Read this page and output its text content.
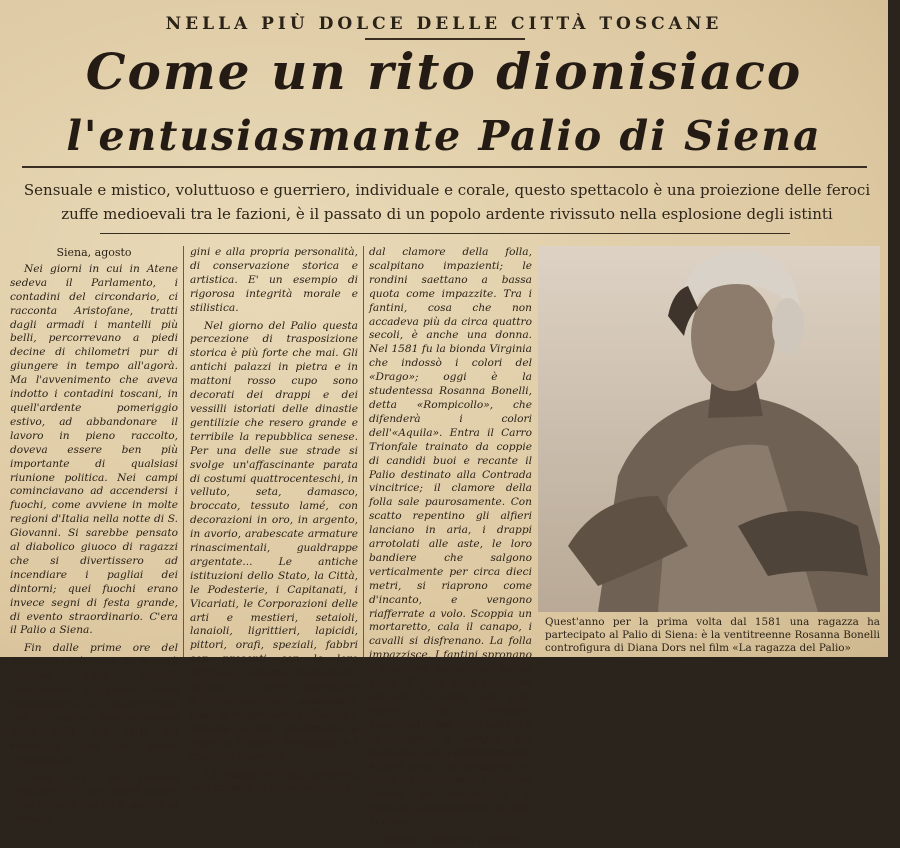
NELLA PIÙ DOLCE DELLE CITTÀ TOSCANE
Come un rito dionisiaco
l'entusiasmante Palio di Siena
Sensuale e mistico, voluttuoso e guerriero, individuale e corale, questo spettacolo è una proiezione delle feroci zuffe medioevali tra le fazioni, è il passato di un popolo ardente rivissuto nella esplosione degli istinti
Siena, agosto

Nei giorni in cui in Atene sedeva il Parlamento, i contadini del circondario, ci racconta Aristofane, tratti dagli armadi i mantelli più belli, percorrevano a piedi decine di chilometri pur di giungere in tempo all'agorà. Ma l'avvenimento che aveva indotto i contadini toscani, in quell'ardente pomeriggio estivo, ad abbandonare il lavoro in pieno raccolto, doveva essere ben più importante di qualsiasi riunione politica. Nei campi cominciavano ad accendersi i fuochi, come avviene in molte regioni d'Italia nella notte di S. Giovanni. Si sarebbe pensato al diabolico giuoco di ragazzi che si divertissero ad incendiare i pagliai dei dintorni; quei fuochi erano invece segni di festa grande, di evento straordinario. C'era il Palio a Siena.

Fin dalle prime ore del mattino la più dolce fra le città toscane s'era andata riempiendo di gente. Dopo mezzogiorno le autocorriere che le piazze straboccavano della folla più varia ed eteroclita che si possa immaginare.

Siena ha un fascino singolare. E' una delle poche città d'Italia che ha il potere di retroda-

gini e alla propria personalità, di conservazione storica e artistica. E' un esempio di rigorosa integrità morale e stilistica.

Nel giorno del Palio questa percezione di trasposizione storica è più forte che mai. Gli antichi palazzi in pietra e in mattoni rosso cupo sono decorati dei drappi e dei vessilli istoriati delle dinastie gentilizie che resero grande e terribile la repubblica senese. Per una delle sue strade si svolge un'affascinante parata di costumi quattrocenteschi, in velluto, seta, damasco, broccato, tessuto lamé, con decorazioni in oro, in argento, in avorio, arabescate armature rinascimentali, gualdrappe argentate... Le antiche istituzioni dello Stato, la Città, le Podesterie, i Capitanati, i Vicariati, le Corporazioni delle arti e mestieri, setaioli, lanaioli, ligrittieri, lapicidi, pittori, orafi, speziali, fabbri son presenti con le loro raffinate insegne multicolori. Sforzo di colori, splendore d'immaginazione, sontuosità, fasto e magnificenza. Duccio e Simone tendono idealmente la mano a Tiziano, Velasquez e i coloristi orientali.

La piazza del Palio presenta una cornice di fiammeggiante

dal clamore della folla, scalpitano impazienti; le rondini saettano a bassa quota come impazzite. Tra i fantini, cosa che non accadeva più da circa quattro secoli, è anche una donna. Nel 1581 fu la bionda Virginia che indossò i colori del «Drago»; oggi è la studentessa Rosanna Bonelli, detta «Rompicollo», che difenderà i colori dell'«Aquila». Entra il Carro Trionfale trainato da coppie di candidi buoi e recante il Palio destinato alla Contrada vincitrice; il clamore della folla sale paurosamente. Con scatto repentino gli alfieri lanciano in aria, i drappi arrotolati alle aste, le loro bandiere che salgono verticalmente per circa dieci metri, si riaprono come d'incanto, e vengono riafferrate a volo. Scoppia un mortaretto, cala il canapo, i cavalli si disfrenano. La folla impazzisce. I fantini spronano i destrieri colpendoli senza pietà. E' una lotta all'ultimo sangue. Si tenta con ogni mezzo di stringere l'avversario per farlo cadere o di colpirlo a sangue per metterlo fuori combattimento. Alcuni cavalli stramazzano al suolo proiettando i fantini contro gli steccati e si rialzano proseguendo da soli la corsa.

Anche la ragazza è caduta.

Quest'anno per la prima volta dal 1581 una ragazza ha partecipato al Palio di Siena: è la ventitreenne Rosanna Bonelli controfigura di Diana Dors nel film «La ragazza del Palio»
